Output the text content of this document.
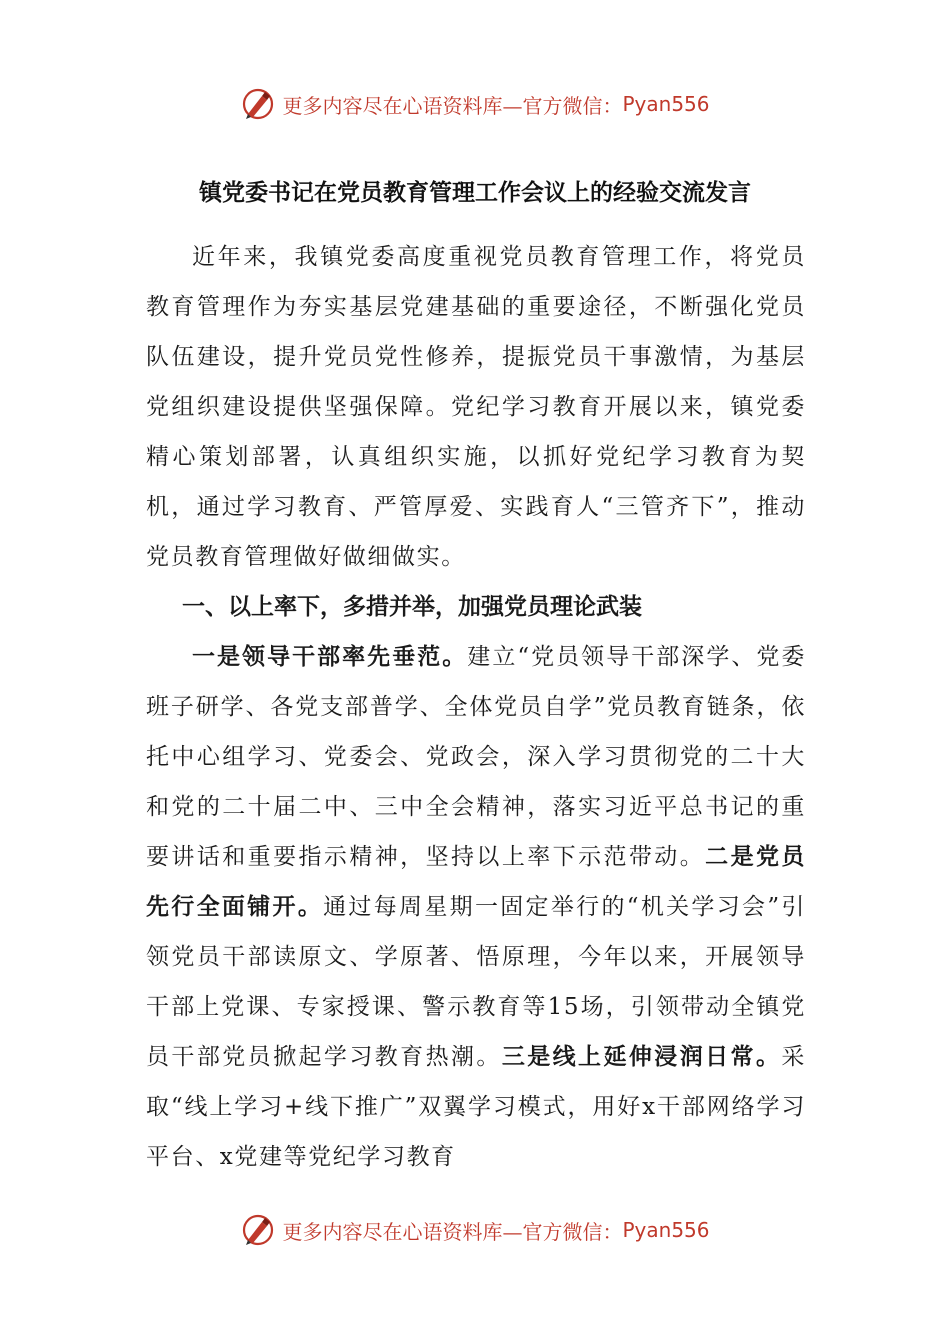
更多内容尽在心语资料库—官方微信： Pyan556
镇党委书记在党员教育管理工作会议上的经验交流发言

近年来，我镇党委高度重视党员教育管理工作，将党员教育管理作为夯实基层党建基础的重要途径，不断强化党员队伍建设，提升党员党性修养，提振党员干事激情，为基层党组织建设提供坚强保障。党纪学习教育开展以来，镇党委精心策划部署，认真组织实施，以抓好党纪学习教育为契机，通过学习教育、严管厚爱、实践育人“三管齐下”，推动党员教育管理做好做细做实。

一、以上率下，多措并举，加强党员理论武装

一是领导干部率先垂范。建立“党员领导干部深学、党委班子研学、各党支部普学、全体党员自学”党员教育链条，依托中心组学习、党委会、党政会，深入学习贯彻党的二十大和党的二十届二中、三中全会精神，落实习近平总书记的重要讲话和重要指示精神，坚持以上率下示范带动。二是党员先行全面铺开。通过每周星期一固定举行的“机关学习会”引领党员干部读原文、学原著、悟原理，今年以来，开展领导干部上党课、专家授课、警示教育等15场，引领带动全镇党员干部党员掀起学习教育热潮。三是线上延伸浸润日常。采取“线上学习+线下推广”双翼学习模式，用好x干部网络学习平台、x党建等党纪学习教育

更多内容尽在心语资料库—官方微信： Pyan556
